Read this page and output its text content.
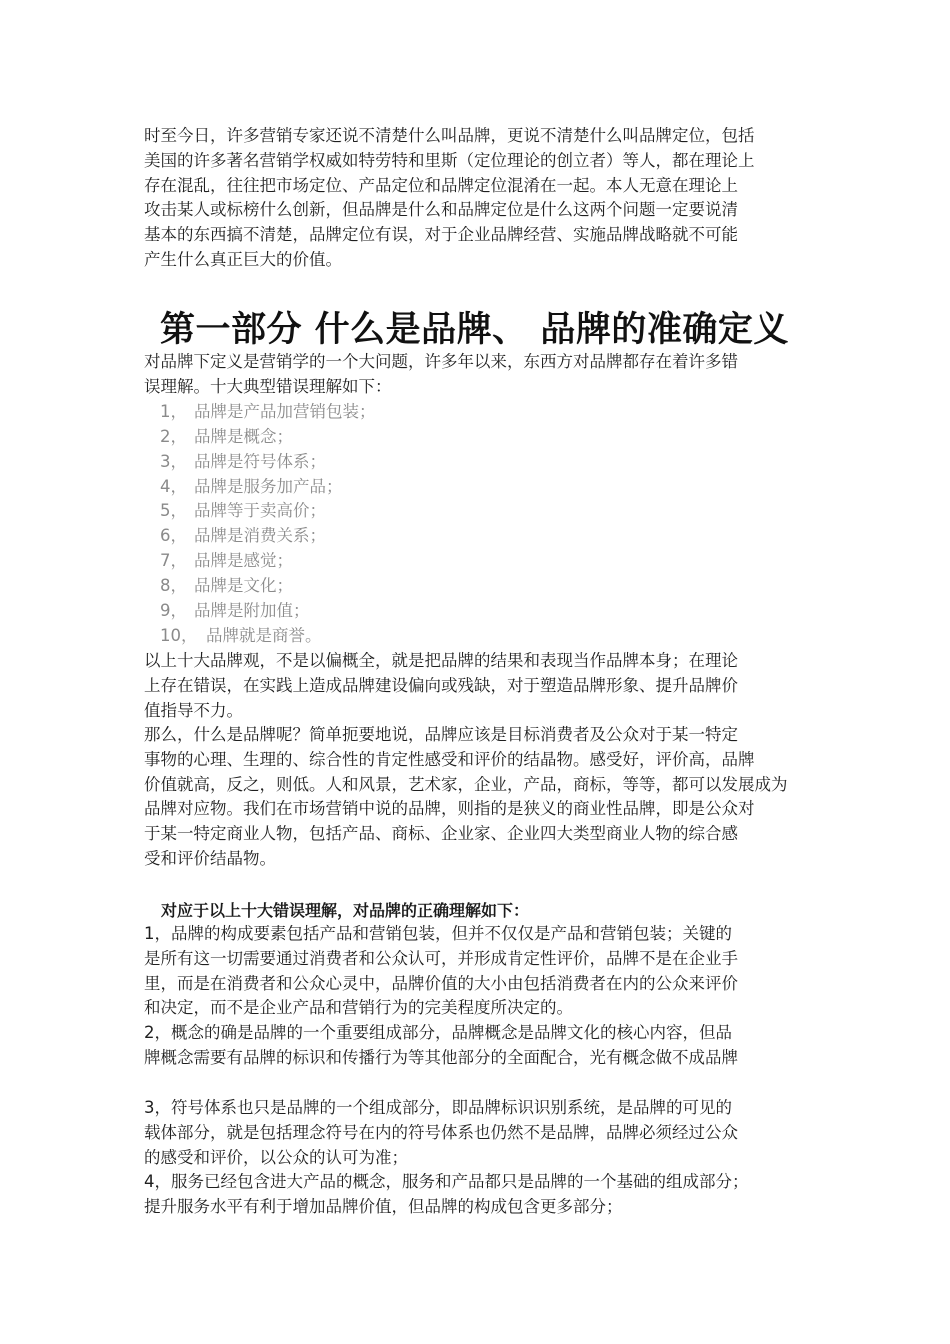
时至今日，许多营销专家还说不清楚什么叫品牌，更说不清楚什么叫品牌定位，包括
美国的许多著名营销学权威如特劳特和里斯（定位理论的创立者）等人，都在理论上
存在混乱，往往把市场定位、产品定位和品牌定位混淆在一起。本人无意在理论上
攻击某人或标榜什么创新，但品牌是什么和品牌定位是什么这两个问题一定要说清
基本的东西搞不清楚，品牌定位有误，对于企业品牌经营、实施品牌战略就不可能
产生什么真正巨大的价值。

第一部分 什么是品牌、 品牌的准确定义

对品牌下定义是营销学的一个大问题，许多年以来，东西方对品牌都存在着许多错
误理解。十大典型错误理解如下：

1， 品牌是产品加营销包装；
2， 品牌是概念；
3， 品牌是符号体系；
4， 品牌是服务加产品；
5， 品牌等于卖高价；
6， 品牌是消费关系；
7， 品牌是感觉；
8， 品牌是文化；
9， 品牌是附加值；
10， 品牌就是商誉。

以上十大品牌观，不是以偏概全，就是把品牌的结果和表现当作品牌本身；在理论
上存在错误，在实践上造成品牌建设偏向或残缺，对于塑造品牌形象、提升品牌价
值指导不力。

那么，什么是品牌呢？简单扼要地说，品牌应该是目标消费者及公众对于某一特定
事物的心理、生理的、综合性的肯定性感受和评价的结晶物。感受好，评价高，品牌
价值就高，反之，则低。人和风景，艺术家，企业，产品，商标，等等，都可以发展成为
品牌对应物。我们在市场营销中说的品牌，则指的是狭义的商业性品牌，即是公众对
于某一特定商业人物，包括产品、商标、企业家、企业四大类型商业人物的综合感
受和评价结晶物。

对应于以上十大错误理解，对品牌的正确理解如下：

1，品牌的构成要素包括产品和营销包装，但并不仅仅是产品和营销包装；关键的
是所有这一切需要通过消费者和公众认可，并形成肯定性评价，品牌不是在企业手
里，而是在消费者和公众心灵中，品牌价值的大小由包括消费者在内的公众来评价
和决定，而不是企业产品和营销行为的完美程度所决定的。
2，概念的确是品牌的一个重要组成部分，品牌概念是品牌文化的核心内容，但品
牌概念需要有品牌的标识和传播行为等其他部分的全面配合，光有概念做不成品牌

3，符号体系也只是品牌的一个组成部分，即品牌标识识别系统，是品牌的可见的
载体部分，就是包括理念符号在内的符号体系也仍然不是品牌，品牌必须经过公众
的感受和评价，以公众的认可为准；
4，服务已经包含进大产品的概念，服务和产品都只是品牌的一个基础的组成部分；
提升服务水平有利于增加品牌价值，但品牌的构成包含更多部分；
